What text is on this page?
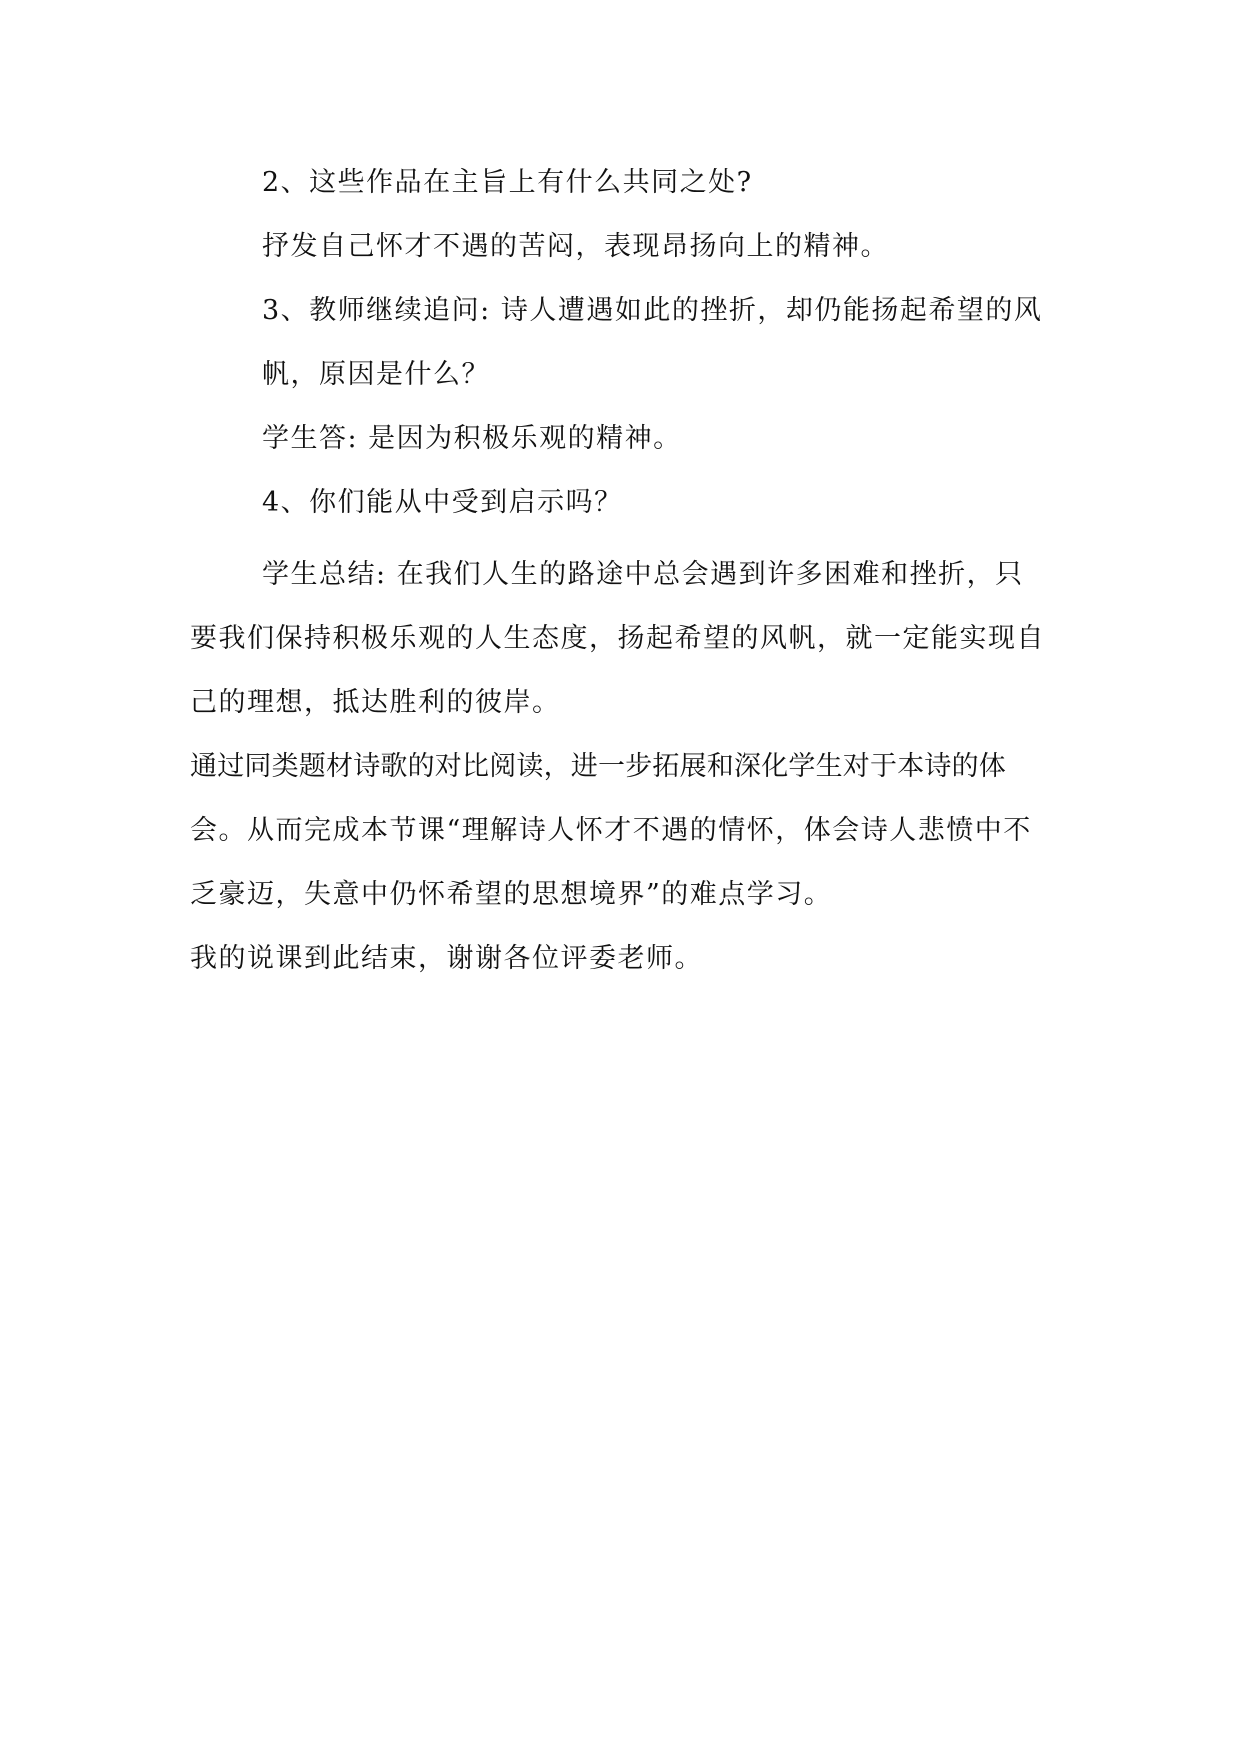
2、这些作品在主旨上有什么共同之处?
抒发自己怀才不遇的苦闷，表现昂扬向上的精神。
3、教师继续追问: 诗人遭遇如此的挫折，却仍能扬起希望的风
帆，原因是什么？
学生答: 是因为积极乐观的精神。
4、你们能从中受到启示吗？
学生总结: 在我们人生的路途中总会遇到许多困难和挫折，只
要我们保持积极乐观的人生态度，扬起希望的风帆，就一定能实现自
己的理想，抵达胜利的彼岸。
通过同类题材诗歌的对比阅读，进一步拓展和深化学生对于本诗的体
会。从而完成本节课“理解诗人怀才不遇的情怀，体会诗人悲愤中不
乏豪迈，失意中仍怀希望的思想境界”的难点学习。
我的说课到此结束，谢谢各位评委老师。
